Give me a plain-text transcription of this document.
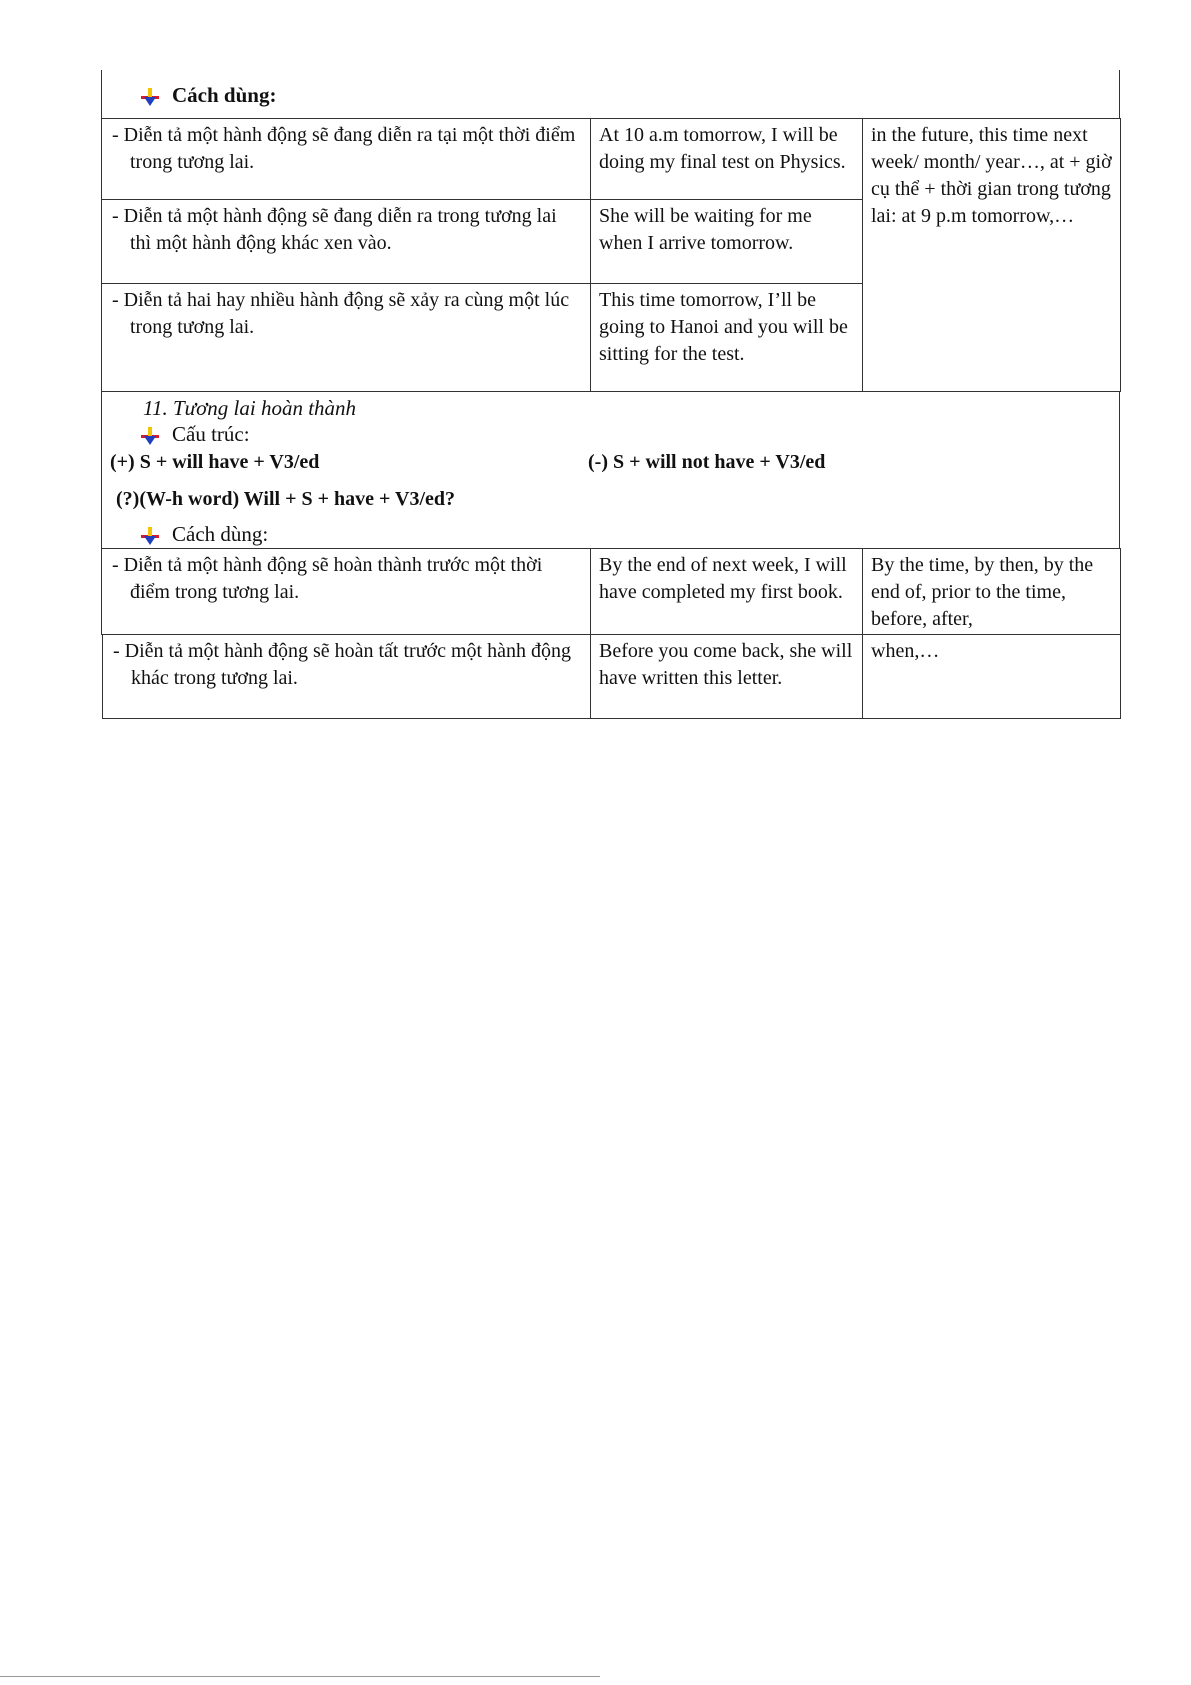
Cách dùng:
- Diễn tả một hành động sẽ đang diễn ra tại một thời điểm trong tương lai.	At 10 a.m tomorrow, I will be doing my final test on Physics.	in the future, this time next week/ month/ year…, at + giờ cụ thể + thời gian trong tương lai: at 9 p.m tomorrow,…
- Diễn tả một hành động sẽ đang diễn ra trong tương lai thì một hành động khác xen vào.	She will be waiting for me when I arrive tomorrow.	
- Diễn tả hai hay nhiều hành động sẽ xảy ra cùng một lúc trong tương lai.	This time tomorrow, I’ll be going to Hanoi and you will be sitting for the test.	
11. Tương lai hoàn thành
Cấu trúc:
(+) S + will have + V3/ed	(-) S + will not have + V3/ed
(?)(W-h word) Will + S + have + V3/ed?
Cách dùng:
- Diễn tả một hành động sẽ hoàn thành trước một thời điểm trong tương lai.	By the end of next week, I will have completed my first book.	By the time, by then, by the end of, prior to the time, before, after,
- Diễn tả một hành động sẽ hoàn tất trước một hành động khác trong tương lai.	Before you come back, she will have written this letter.	when,…
